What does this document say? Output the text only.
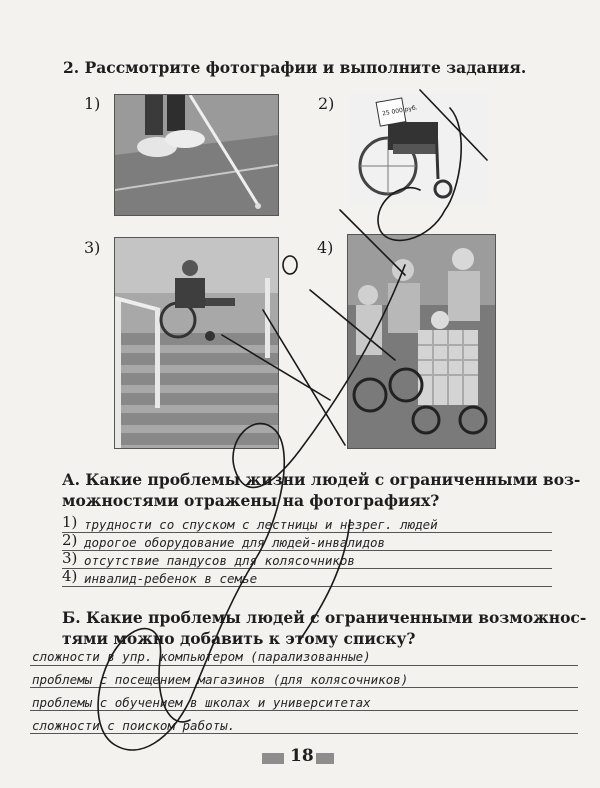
2. Рассмотрите фотографии и выполните задания.
1)	2)
3)	4)
25 000 руб.
А. Какие проблемы жизни людей с ограниченными воз-
можностями отражены на фотографиях?
1) трудности со спуском с лестницы и незрег. людей
2) дорогое оборудование для людей-инвалидов
3) отсутствие пандусов для колясочников
4) инвалид-ребенок в семье
Б. Какие проблемы людей с ограниченными возможнос-
тями можно добавить к этому списку?
сложности в упр. компьютером (парализованные)
проблемы с посещением магазинов (для колясочников)
проблемы с обучением в школах и университетах
сложности с поиском работы.
18
